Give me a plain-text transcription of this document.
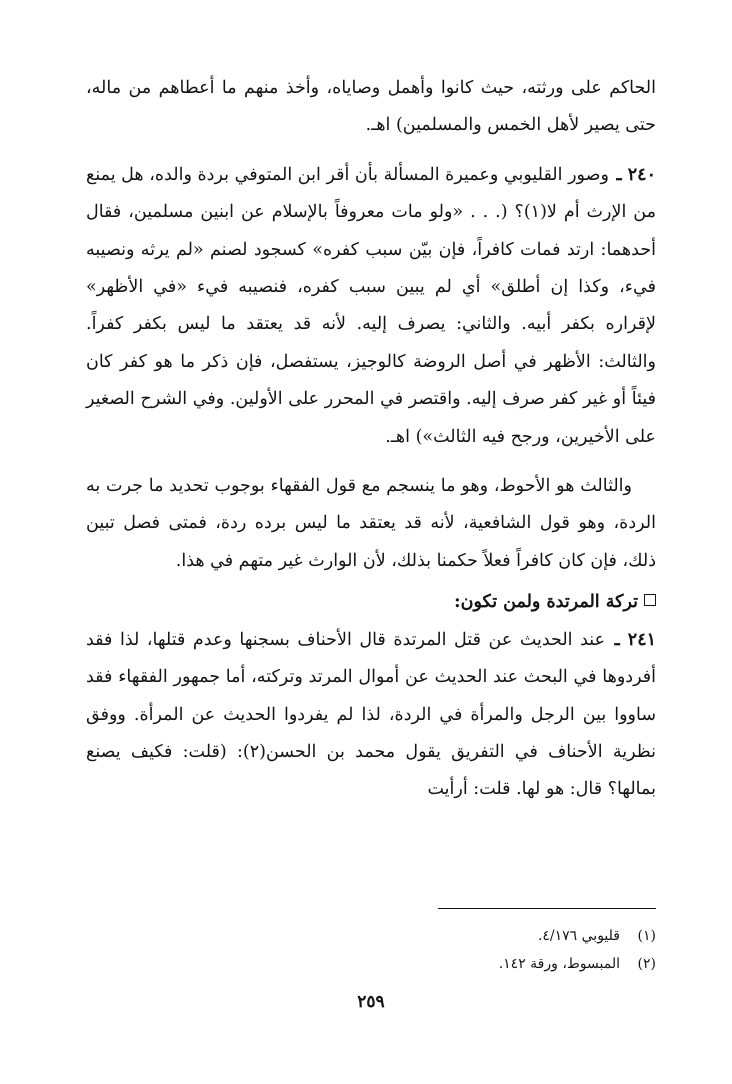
الحاكم على ورثته، حيث كانوا وأهمل وصاياه، وأخذ منهم ما أعطاهم من ماله، حتى يصير لأهل الخمس والمسلمين) اهـ.

٢٤٠ ـ وصور القليوبي وعميرة المسألة بأن أقر ابن المتوفي بردة والده، هل يمنع من الإرث أم لا(١)؟ (. . . «ولو مات معروفاً بالإسلام عن ابنين مسلمين، فقال أحدهما: ارتد فمات كافراً، فإن بيّن سبب كفره» كسجود لصنم «لم يرثه ونصيبه فيء، وكذا إن أطلق» أي لم يبين سبب كفره، فنصيبه فيء «في الأظهر» لإقراره بكفر أبيه. والثاني: يصرف إليه. لأنه قد يعتقد ما ليس بكفر كفراً. والثالث: الأظهر في أصل الروضة كالوجيز، يستفصل، فإن ذكر ما هو كفر كان فيئاً أو غير كفر صرف إليه. واقتصر في المحرر على الأولين. وفي الشرح الصغير على الأخيرين، ورجح فيه الثالث») اهـ.

والثالث هو الأحوط، وهو ما ينسجم مع قول الفقهاء بوجوب تحديد ما جرت به الردة، وهو قول الشافعية، لأنه قد يعتقد ما ليس برده ردة، فمتى فصل تبين ذلك، فإن كان كافراً فعلاً حكمنا بذلك، لأن الوارث غير متهم في هذا.

تركة المرتدة ولمن تكون:

٢٤١ ـ عند الحديث عن قتل المرتدة قال الأحناف بسجنها وعدم قتلها، لذا فقد أفردوها في البحث عند الحديث عن أموال المرتد وتركته، أما جمهور الفقهاء فقد ساووا بين الرجل والمرأة في الردة، لذا لم يفردوا الحديث عن المرأة. ووفق نظرية الأحناف في التفريق يقول محمد بن الحسن(٢): (قلت: فكيف يصنع بمالها؟ قال: هو لها. قلت: أرأيت

(١)قليوبي ٤/١٧٦.
(٢)المبسوط، ورقة ١٤٢.
٢٥٩
